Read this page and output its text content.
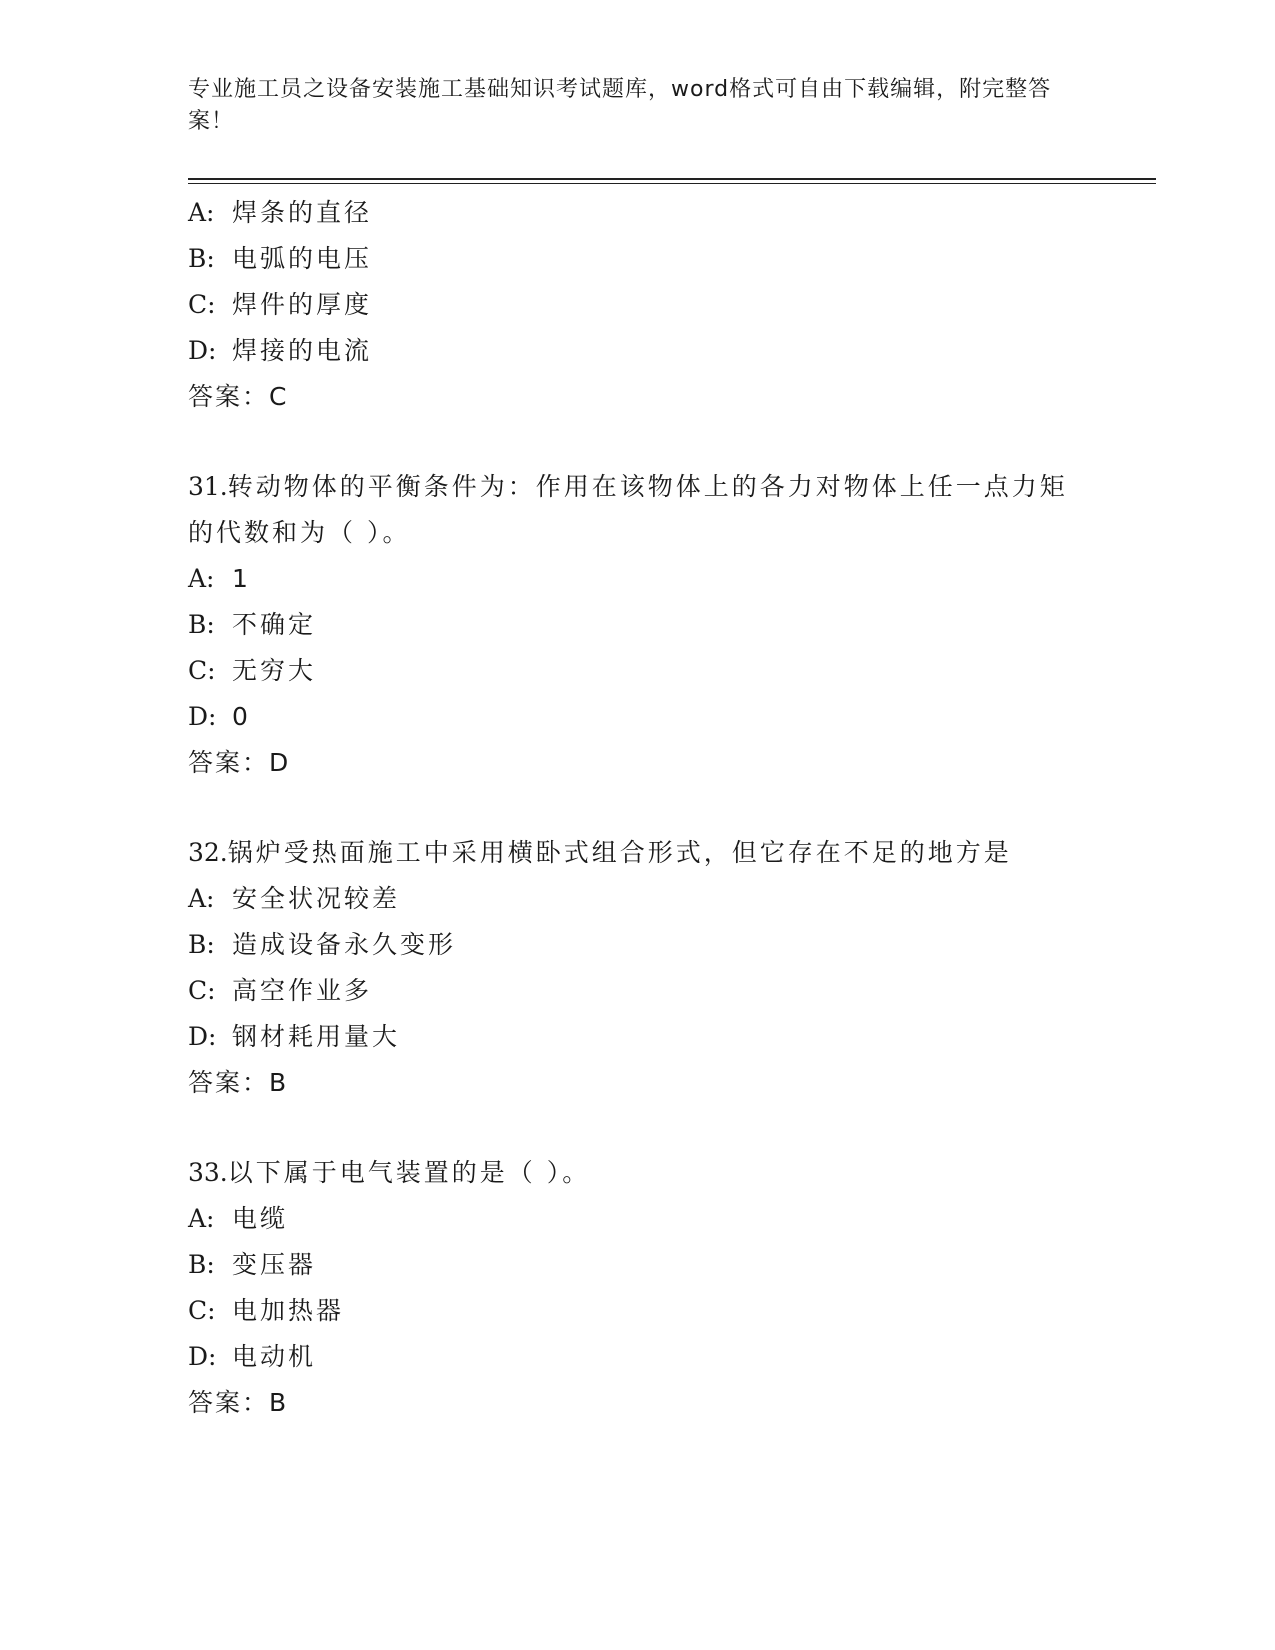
专业施工员之设备安装施工基础知识考试题库，word格式可自由下载编辑，附完整答案！
A: 焊条的直径
B: 电弧的电压
C: 焊件的厚度
D: 焊接的电流
答案：C
31.转动物体的平衡条件为：作用在该物体上的各力对物体上任一点力矩的代数和为（ ）。
A: 1
B: 不确定
C: 无穷大
D: 0
答案：D
32.锅炉受热面施工中采用横卧式组合形式，但它存在不足的地方是
A: 安全状况较差
B: 造成设备永久变形
C: 高空作业多
D: 钢材耗用量大
答案：B
33.以下属于电气装置的是（ ）。
A: 电缆
B: 变压器
C: 电加热器
D: 电动机
答案：B
